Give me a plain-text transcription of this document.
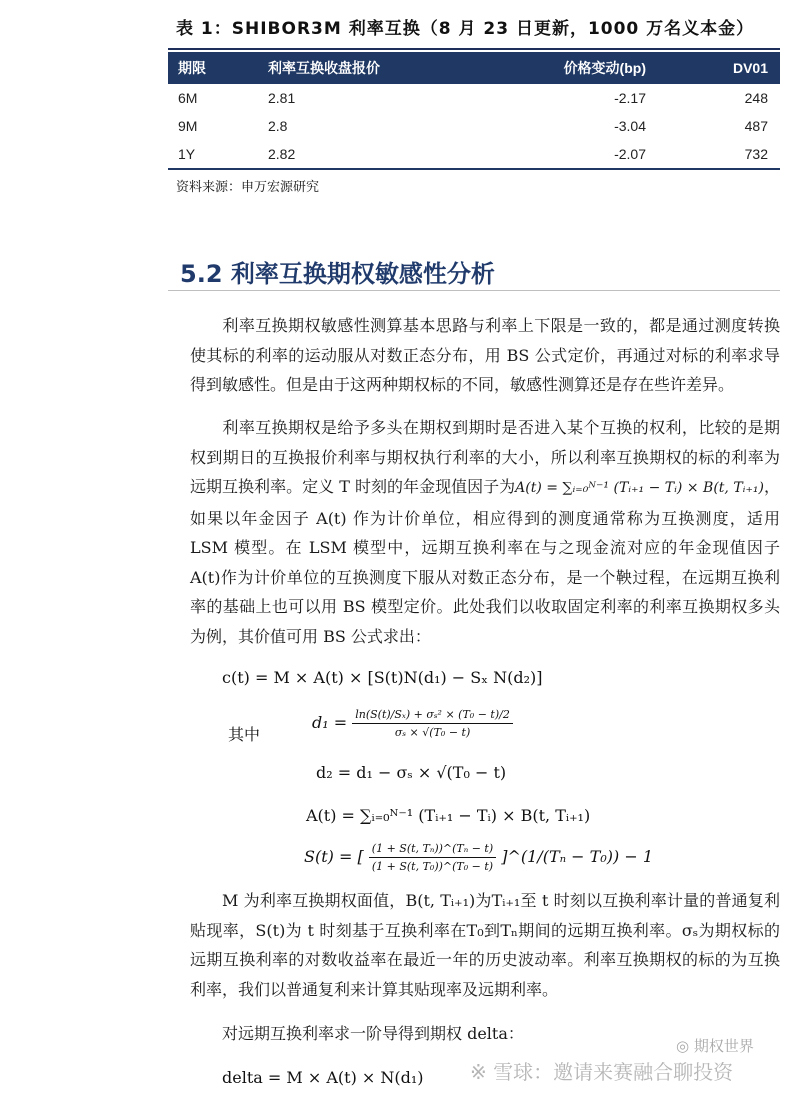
表 1：SHIBOR3M 利率互换（8 月 23 日更新，1000 万名义本金）
期限	利率互换收盘报价	价格变动(bp)	DV01
6M	2.81	-2.17	248
9M	2.8	-3.04	487
1Y	2.82	-2.07	732
资料来源：申万宏源研究
5.2 利率互换期权敏感性分析
利率互换期权敏感性测算基本思路与利率上下限是一致的，都是通过测度转换使其标的利率的运动服从对数正态分布，用 BS 公式定价，再通过对标的利率求导得到敏感性。但是由于这两种期权标的不同，敏感性测算还是存在些许差异。
利率互换期权是给予多头在期权到期时是否进入某个互换的权利，比较的是期权到期日的互换报价利率与期权执行利率的大小，所以利率互换期权的标的利率为远期互换利率。定义 T 时刻的年金现值因子为A(t) = ∑ᵢ₌₀ᴺ⁻¹ (Tᵢ₊₁ − Tᵢ) × B(t, Tᵢ₊₁)，如果以年金因子 A(t) 作为计价单位，相应得到的测度通常称为互换测度，适用 LSM 模型。在 LSM 模型中，远期互换利率在与之现金流对应的年金现值因子 A(t)作为计价单位的互换测度下服从对数正态分布，是一个鞅过程，在远期互换利率的基础上也可以用 BS 模型定价。此处我们以收取固定利率的利率互换期权多头为例，其价值可用 BS 公式求出：
c(t) = M × A(t) × [S(t)N(d₁) − Sₓ N(d₂)]
其中
$d_1 = \frac{\text{ln(S(t)/Sₓ) + σₛ² × (T₀ − t)/2}}{\text{σₛ × √(T₀ − t)}}$
d₂ = d₁ − σₛ × √(T₀ − t)
A(t) = ∑ᵢ₌₀ᴺ⁻¹ (Tᵢ₊₁ − Tᵢ) × B(t, Tᵢ₊₁)
S(t) = [ $\frac{\text{(1 + S(t, Tₙ))\textasciicircum{}(Tₙ − t)}}{\text{(1 + S(t, T₀))\textasciicircum{}(T₀ − t)}}$ ]^(1/(Tₙ − T₀)) − 1
M 为利率互换期权面值，B(t, Tᵢ₊₁)为Tᵢ₊₁至 t 时刻以互换利率计量的普通复利贴现率，S(t)为 t 时刻基于互换利率在T₀到Tₙ期间的远期互换利率。σₛ为期权标的远期互换利率的对数收益率在最近一年的历史波动率。利率互换期权的标的为互换利率，我们以普通复利来计算其贴现率及远期利率。
对远期互换利率求一阶导得到期权 delta：
delta = M × A(t) × N(d₁)
◎ 期权世界
※ 雪球：邀请来赛融合聊投资
